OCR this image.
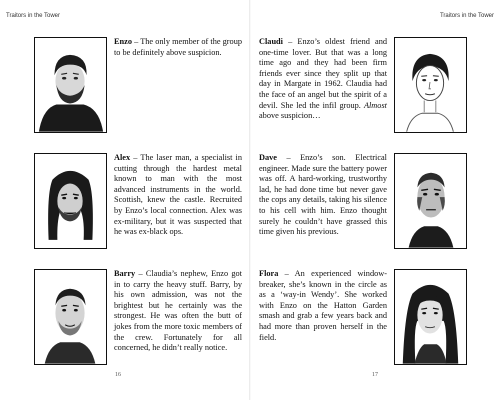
Traitors in the Tower

Enzo – The only member of the group to be definitely above suspicion.

Alex – The laser man, a specialist in cutting through the hardest metal known to man with the most advanced instruments in the world. Scottish, knew the castle. Recruited by Enzo’s local connection. Alex was ex-military, but it was suspected that he was ex-black ops.

Barry – Claudia’s nephew, Enzo got in to carry the heavy stuff. Barry, by his own admission, was not the brightest but he certainly was the strongest. He was often the butt of jokes from the more toxic members of the crew. Fortunately for all concerned, he didn’t really notice.

16
Traitors in the Tower

Claudi – Enzo’s oldest friend and one-time lover. But that was a long time ago and they had been firm friends ever since they split up that day in Margate in 1962. Claudia had the face of an angel but the spirit of a devil. She led the infil group. Almost above suspicion…

Dave – Enzo’s son. Electrical engineer. Made sure the battery power was off. A hard-working, trustworthy lad, he had done time but never gave the cops any details, taking his silence to his cell with him. Enzo thought surely he couldn’t have grassed this time given his previous.

Flora – An experienced window-breaker, she’s known in the circle as as a ‘way-in Wendy’. She worked with Enzo on the Hatton Garden smash and grab a few years back and had more than proven herself in the field.

17
